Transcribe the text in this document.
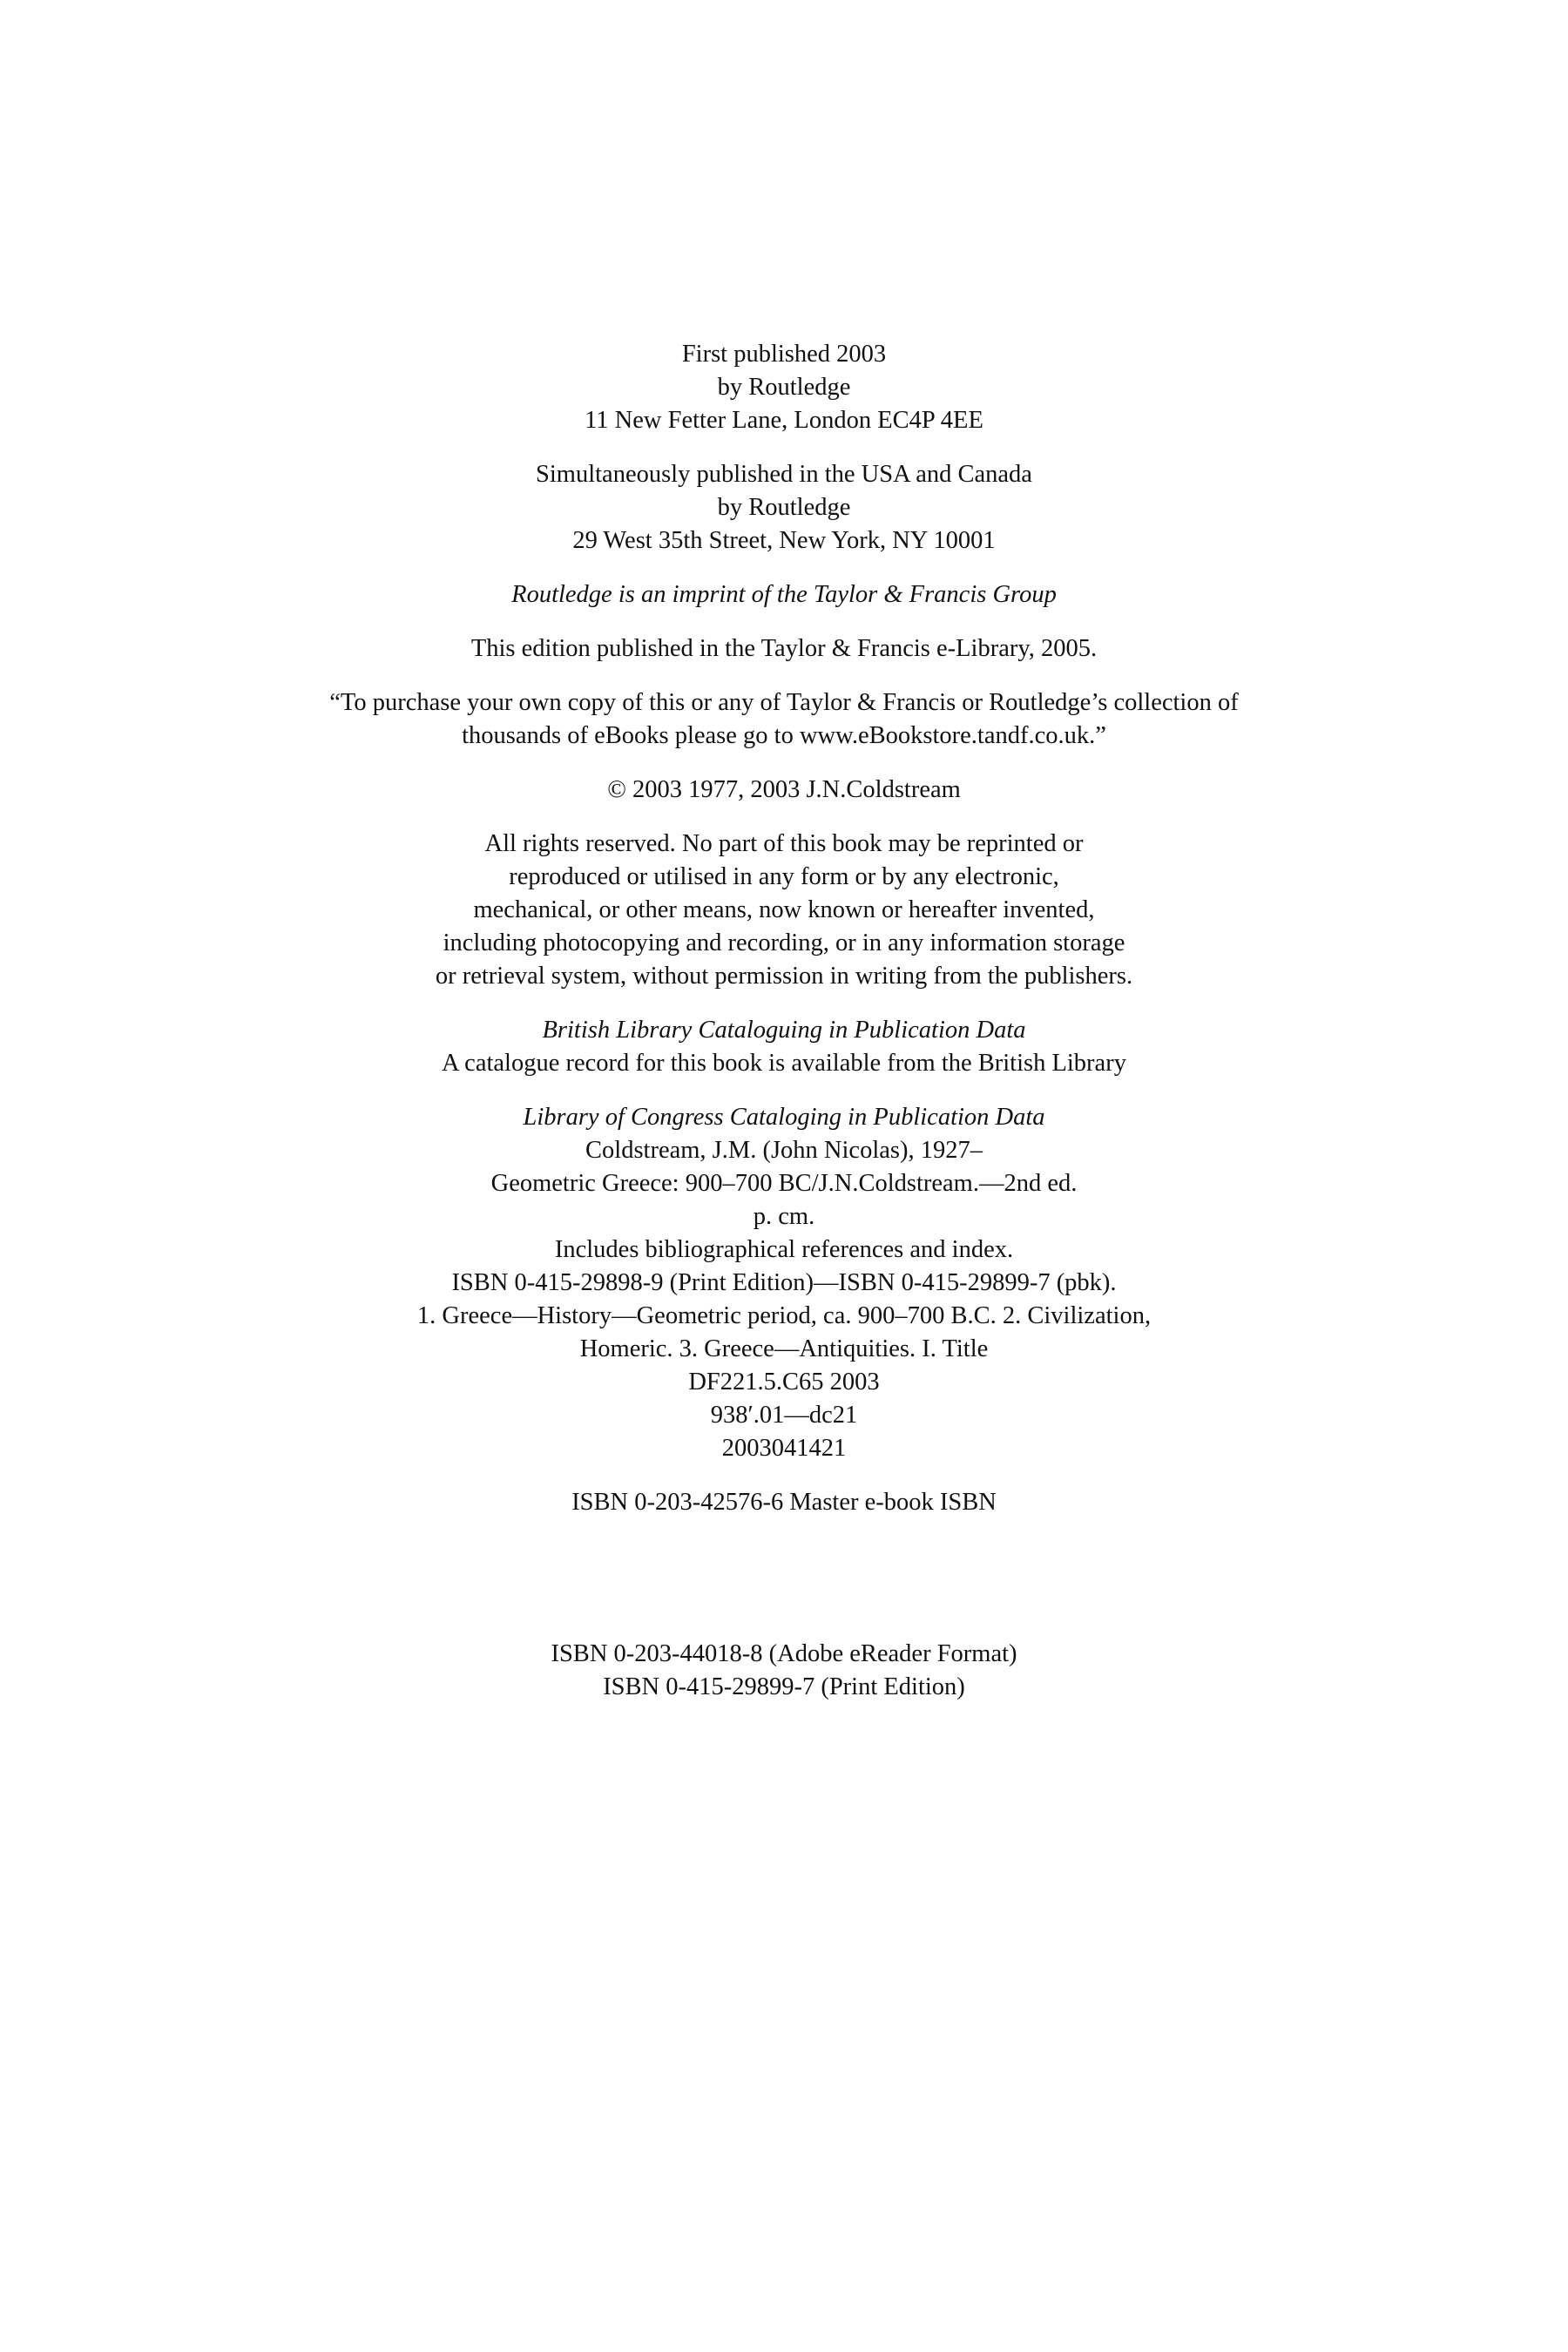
First published 2003
by Routledge
11 New Fetter Lane, London EC4P 4EE
Simultaneously published in the USA and Canada
by Routledge
29 West 35th Street, New York, NY 10001
Routledge is an imprint of the Taylor & Francis Group
This edition published in the Taylor & Francis e-Library, 2005.
“To purchase your own copy of this or any of Taylor & Francis or Routledge’s collection of
thousands of eBooks please go to www.eBookstore.tandf.co.uk.”
© 2003 1977, 2003 J.N.Coldstream
All rights reserved. No part of this book may be reprinted or
reproduced or utilised in any form or by any electronic,
mechanical, or other means, now known or hereafter invented,
including photocopying and recording, or in any information storage
or retrieval system, without permission in writing from the publishers.
British Library Cataloguing in Publication Data
A catalogue record for this book is available from the British Library
Library of Congress Cataloging in Publication Data
Coldstream, J.M. (John Nicolas), 1927–
Geometric Greece: 900–700 BC/J.N.Coldstream.—2nd ed.
p. cm.
Includes bibliographical references and index.
ISBN 0-415-29898-9 (Print Edition)—ISBN 0-415-29899-7 (pbk).
1. Greece—History—Geometric period, ca. 900–700 B.C. 2. Civilization,
Homeric. 3. Greece—Antiquities. I. Title
DF221.5.C65 2003
938′.01—dc21
2003041421
ISBN 0-203-42576-6 Master e-book ISBN
ISBN 0-203-44018-8 (Adobe eReader Format)
ISBN 0-415-29899-7 (Print Edition)
